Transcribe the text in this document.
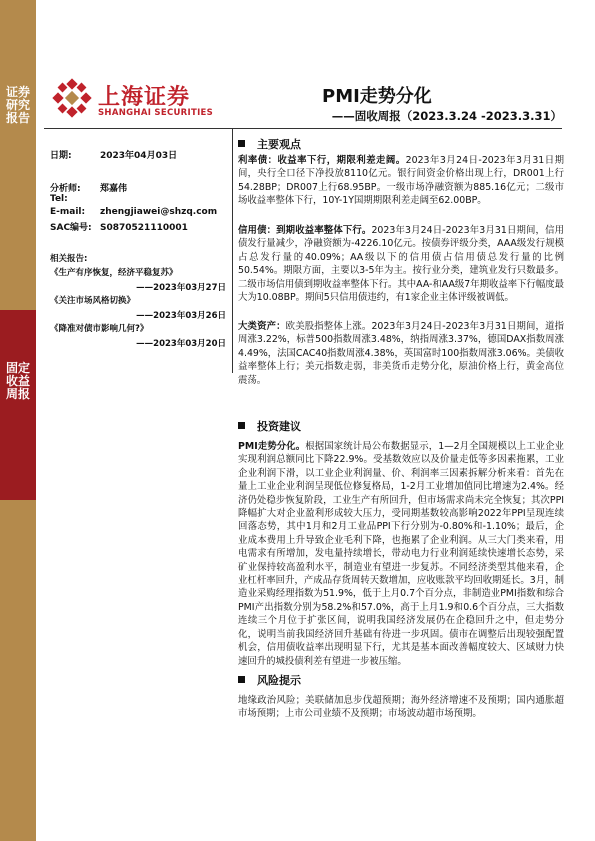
证券研究报告
固定收益周报
上海证券
SHANGHAI SECURITIES
PMI走势分化
——固收周报（2023.3.24 -2023.3.31）
日期:	2023年04月03日
分析师: 郑嘉伟
Tel:
E-mail: zhengjiawei@shzq.com
SAC编号: S0870521110001
相关报告:
《生产有序恢复，经济平稳复苏》
——2023年03月27日
《关注市场风格切换》
——2023年03月26日
《降准对债市影响几何?》
——2023年03月20日
主要观点
利率债：收益率下行，期限利差走阔。2023年3月24日-2023年3月31日期间，央行全口径下净投放8110亿元。银行间资金价格出现上行，DR001上行54.28BP；DR007上行68.95BP。一级市场净融资额为885.16亿元；二级市场收益率整体下行，10Y-1Y国期期限利差走阔至62.00BP。
信用债：到期收益率整体下行。2023年3月24日-2023年3月31日期间，信用债发行量减少，净融资额为-4226.10亿元。按债券评级分类，AAA级发行规模占总发行量的40.09%；AA级以下的信用债占信用债总发行量的比例50.54%。期限方面，主要以3-5年为主。按行业分类，建筑业发行只数最多。二级市场信用债到期收益率整体下行。其中AA-和AA级7年期收益率下行幅度最大为10.08BP。期间5只信用债违约，有1家企业主体评级被调低。
大类资产：欧美股指整体上涨。2023年3月24日-2023年3月31日期间，道指周涨3.22%，标普500指数周涨3.48%，纳指周涨3.37%，德国DAX指数周涨4.49%，法国CAC40指数周涨4.38%，英国富时100指数周涨3.06%。美债收益率整体上行；美元指数走弱，非美货币走势分化，原油价格上行，黄金高位震荡。
投资建议
PMI走势分化。根据国家统计局公布数据显示，1—2月全国规模以上工业企业实现利润总额同比下降22.9%。受基数效应以及价量走低等多因素拖累，工业企业利润下滑，以工业企业利润量、价、利润率三因素拆解分析来看：首先在量上工业企业利润呈现低位修复格局，1-2月工业增加值同比增速为2.4%。经济仍处稳步恢复阶段，工业生产有所回升，但市场需求尚未完全恢复；其次PPI降幅扩大对企业盈利形成较大压力，受同期基数较高影响2022年PPI呈现连续回落态势，其中1月和2月工业品PPI下行分别为-0.80%和-1.10%；最后，企业成本费用上升导致企业毛利下降，也拖累了企业利润。从三大门类来看，用电需求有所增加，发电量持续增长，带动电力行业利润延续快速增长态势，采矿业保持较高盈利水平，制造业有望进一步复苏。不同经济类型其他来看，企业杠杆率回升，产成品存货周转天数增加，应收账款平均回收期延长。3月，制造业采购经理指数为51.9%，低于上月0.7个百分点，非制造业PMI指数和综合PMI产出指数分别为58.2%和57.0%，高于上月1.9和0.6个百分点，三大指数连续三个月位于扩张区间，说明我国经济发展仍在企稳回升之中，但走势分化，说明当前我国经济回升基础有待进一步巩固。债市在调整后出现较强配置机会，信用债收益率出现明显下行，尤其是基本面改善幅度较大、区域财力快速回升的城投债利差有望进一步被压缩。
风险提示
地缘政治风险；美联储加息步伐超预期；海外经济增速不及预期；国内通胀超市场预期；上市公司业绩不及预期；市场波动超市场预期。
